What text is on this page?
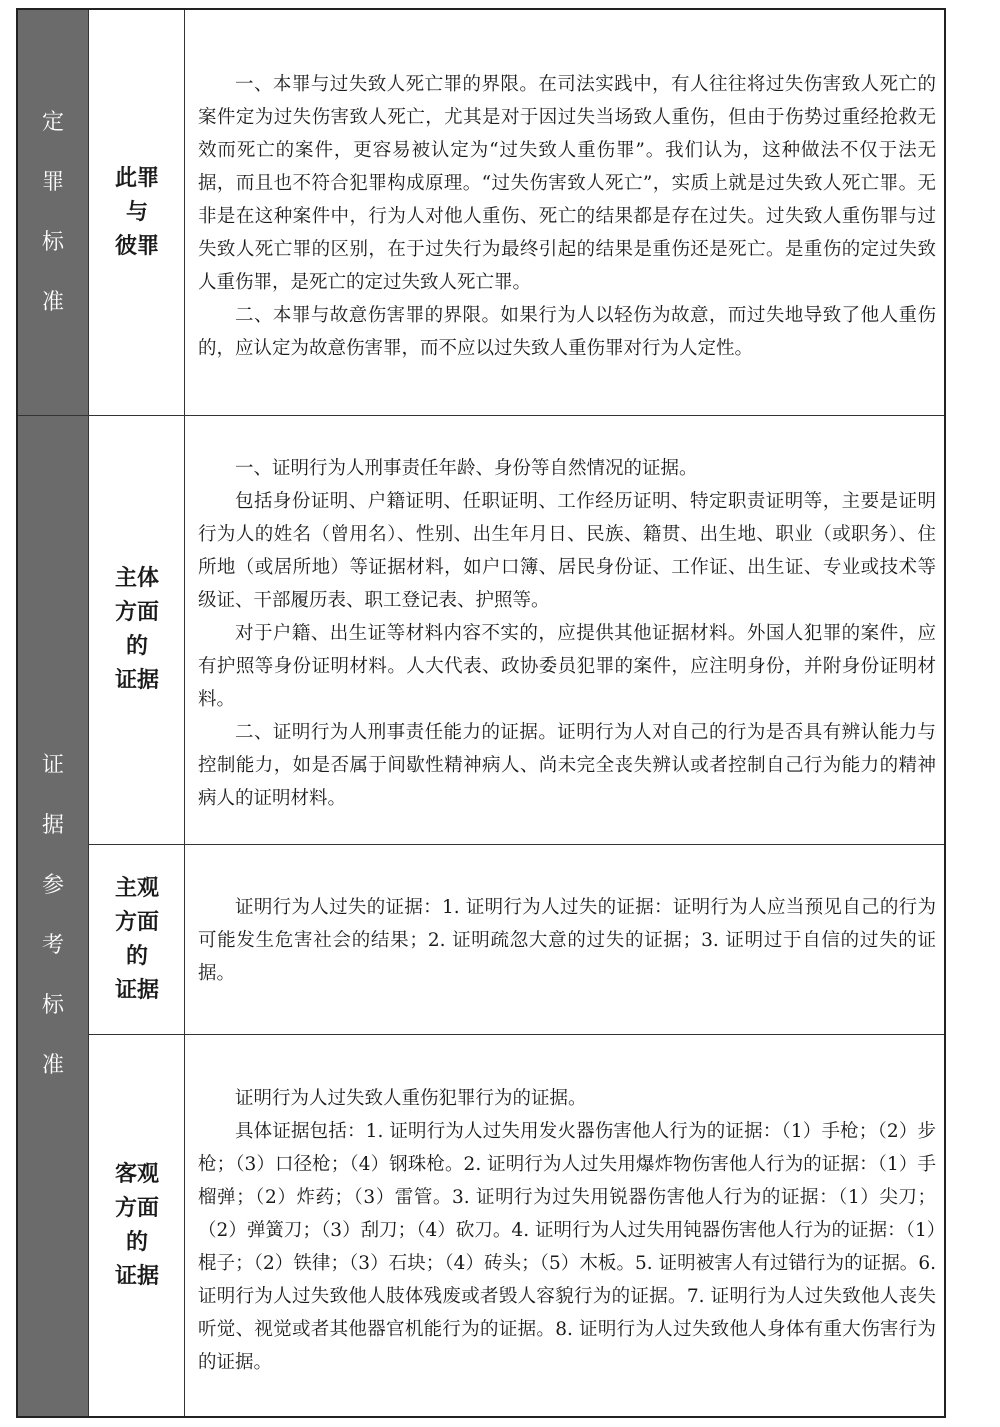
定
罪
标
准
证
据
参
考
标
准
此罪
与
彼罪

一、本罪与过失致人死亡罪的界限。在司法实践中，有人往往将过失伤害致人死亡的案件定为过失伤害致人死亡，尤其是对于因过失当场致人重伤，但由于伤势过重经抢救无效而死亡的案件，更容易被认定为“过失致人重伤罪”。我们认为，这种做法不仅于法无据，而且也不符合犯罪构成原理。“过失伤害致人死亡”，实质上就是过失致人死亡罪。无非是在这种案件中，行为人对他人重伤、死亡的结果都是存在过失。过失致人重伤罪与过失致人死亡罪的区别，在于过失行为最终引起的结果是重伤还是死亡。是重伤的定过失致人重伤罪，是死亡的定过失致人死亡罪。

二、本罪与故意伤害罪的界限。如果行为人以轻伤为故意，而过失地导致了他人重伤的，应认定为故意伤害罪，而不应以过失致人重伤罪对行为人定性。

主体
方面
的
证据

一、证明行为人刑事责任年龄、身份等自然情况的证据。

包括身份证明、户籍证明、任职证明、工作经历证明、特定职责证明等，主要是证明行为人的姓名（曾用名）、性别、出生年月日、民族、籍贯、出生地、职业（或职务）、住所地（或居所地）等证据材料，如户口簿、居民身份证、工作证、出生证、专业或技术等级证、干部履历表、职工登记表、护照等。

对于户籍、出生证等材料内容不实的，应提供其他证据材料。外国人犯罪的案件，应有护照等身份证明材料。人大代表、政协委员犯罪的案件，应注明身份，并附身份证明材料。

二、证明行为人刑事责任能力的证据。证明行为人对自己的行为是否具有辨认能力与控制能力，如是否属于间歇性精神病人、尚未完全丧失辨认或者控制自己行为能力的精神病人的证明材料。

主观
方面
的
证据

证明行为人过失的证据：1. 证明行为人过失的证据：证明行为人应当预见自己的行为可能发生危害社会的结果；2. 证明疏忽大意的过失的证据；3. 证明过于自信的过失的证据。

客观
方面
的
证据

证明行为人过失致人重伤犯罪行为的证据。

具体证据包括：1. 证明行为人过失用发火器伤害他人行为的证据：（1）手枪；（2）步枪；（3）口径枪；（4）钢珠枪。2. 证明行为人过失用爆炸物伤害他人行为的证据：（1）手榴弹；（2）炸药；（3）雷管。3. 证明行为过失用锐器伤害他人行为的证据：（1）尖刀；（2）弹簧刀；（3）刮刀；（4）砍刀。4. 证明行为人过失用钝器伤害他人行为的证据：（1）棍子；（2）铁律；（3）石块；（4）砖头；（5）木板。5. 证明被害人有过错行为的证据。6. 证明行为人过失致他人肢体残废或者毁人容貌行为的证据。7. 证明行为人过失致他人丧失听觉、视觉或者其他器官机能行为的证据。8. 证明行为人过失致他人身体有重大伤害行为的证据。
